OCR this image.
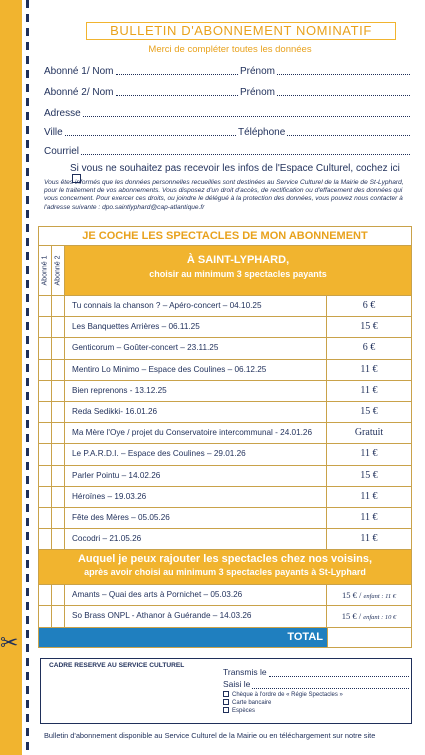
✂
BULLETIN D'ABONNEMENT NOMINATIF
Merci de compléter toutes les données
Abonné 1/ Nom	Prénom
Abonné 2/ Nom	Prénom
Adresse
Ville	Téléphone
Courriel
Si vous ne souhaitez pas recevoir les infos de l'Espace Culturel, cochez ici
Vous êtes informés que les données personnelles recueillies sont destinées au Service Culturel de la Mairie de St-Lyphard, pour le traitement de vos abonnements. Vous disposez d'un droit d'accès, de rectification ou d'effacement des données qui vous concernent. Pour exercer ces droits, ou joindre le délégué à la protection des données, vous pouvez nous contacter à l'adresse suivante : dpo.saintlyphard@cap-atlantique.fr
JE COCHE LES SPECTACLES DE MON ABONNEMENT
Abonné 1 Abonné 2	À SAINT-LYPHARD,
choisir au minimum 3 spectacles payants
Tu connais la chanson ? – Apéro-concert – 04.10.25	6 €
Les Banquettes Arrières – 06.11.25	15 €
Genticorum – Goûter-concert – 23.11.25	6 €
Mentiro Lo Minimo – Espace des Coulines – 06.12.25	11 €
Bien reprenons - 13.12.25	11 €
Reda Sedikki- 16.01.26	15 €
Ma Mère l'Oye / projet du Conservatoire intercommunal - 24.01.26	Gratuit
Le P.A.R.D.I. – Espace des Coulines – 29.01.26	11 €
Parler Pointu – 14.02.26	15 €
Héroïnes – 19.03.26	11 €
Fête des Mères – 05.05.26	11 €
Cocodri – 21.05.26	11 €
Auquel je peux rajouter les spectacles chez nos voisins,
après avoir choisi au minimum 3 spectacles payants à St-Lyphard
Amants – Quai des arts à Pornichet – 05.03.26	15 € / enfant : 11 €
So Brass ONPL - Athanor à Guérande – 14.03.26	15 € / enfant : 10 €
TOTAL
CADRE RESERVE AU SERVICE CULTUREL
Transmis le
Saisi le
Chèque à l'ordre de « Régie Spectacles »
Carte bancaire
Espèces
Bulletin d'abonnement disponible au Service Culturel de la Mairie ou en téléchargement sur notre site
